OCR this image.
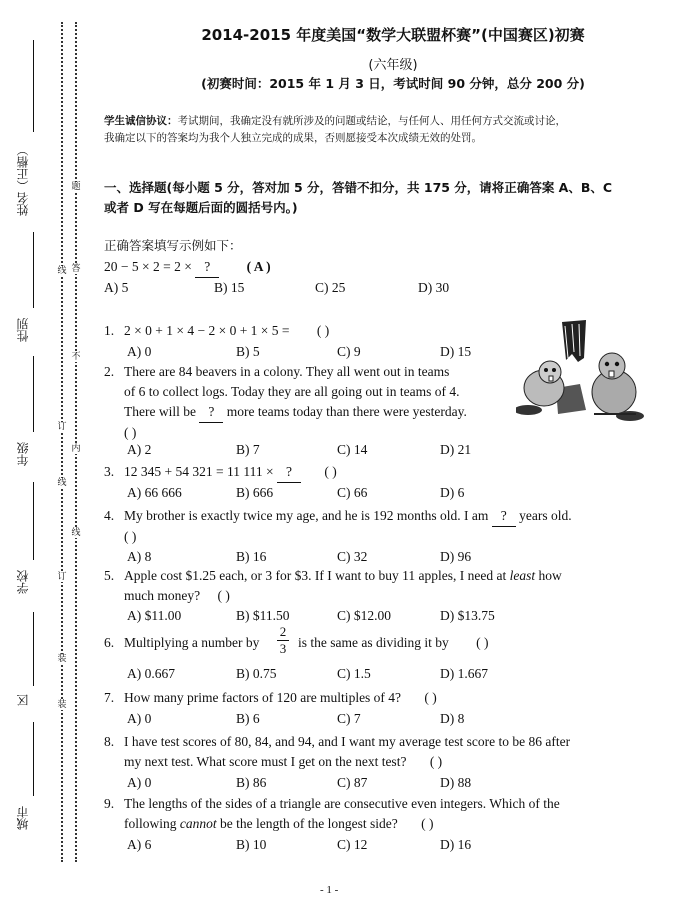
姓名（正楷）
性别
年级
学校
区
城市
线
订
线
订
装
装
题
答
不
内
线
2014-2015 年度美国“数学大联盟杯赛”(中国赛区)初赛
(六年级)
(初赛时间：2015 年 1 月 3 日，考试时间 90 分钟，总分 200 分)
学生诚信协议：考试期间，我确定没有就所涉及的问题或结论，与任何人、用任何方式交流或讨论，
我确定以下的答案均为我个人独立完成的成果，否则愿接受本次成绩无效的处罚。
一、选择题(每小题 5 分，答对加 5 分，答错不扣分，共 175 分，请将正确答案 A、B、C
或者 D 写在每题后面的圆括号内。)
正确答案填写示例如下：
20 − 5 × 2 = 2 × ?	( A )
A) 5	B) 15	C) 25	D) 30
1. 2 × 0 + 1 × 4 − 2 × 0 + 1 × 5 = ( )
A) 0	B) 5	C) 9	D) 15
2. There are 84 beavers in a colony. They all went out in teams
of 6 to collect logs. Today they are all going out in teams of 4.
There will be ? more teams today than there were yesterday.
( )
A) 2	B) 7	C) 14	D) 21
3. 12 345 + 54 321 = 11 111 × ? ( )
A) 66 666	B) 666	C) 66	D) 6
4. My brother is exactly twice my age, and he is 192 months old. I am ? years old.
( )
A) 8	B) 16	C) 32	D) 96
5. Apple cost $1.25 each, or 3 for $3. If I want to buy 11 apples, I need at least how
much money? ( )
A) $11.00	B) $11.50	C) $12.00	D) $13.75
6. Multiplying a number by
2
3 is the same as dividing it by ( )
A) 0.667	B) 0.75	C) 1.5	D) 1.667
7. How many prime factors of 120 are multiples of 4? ( )
A) 0	B) 6	C) 7	D) 8
8. I have test scores of 80, 84, and 94, and I want my average test score to be 86 after
my next test. What score must I get on the next test? ( )
A) 0	B) 86	C) 87	D) 88
9. The lengths of the sides of a triangle are consecutive even integers. Which of the
following cannot be the length of the longest side? ( )
A) 6	B) 10	C) 12	D) 16
- 1 -
